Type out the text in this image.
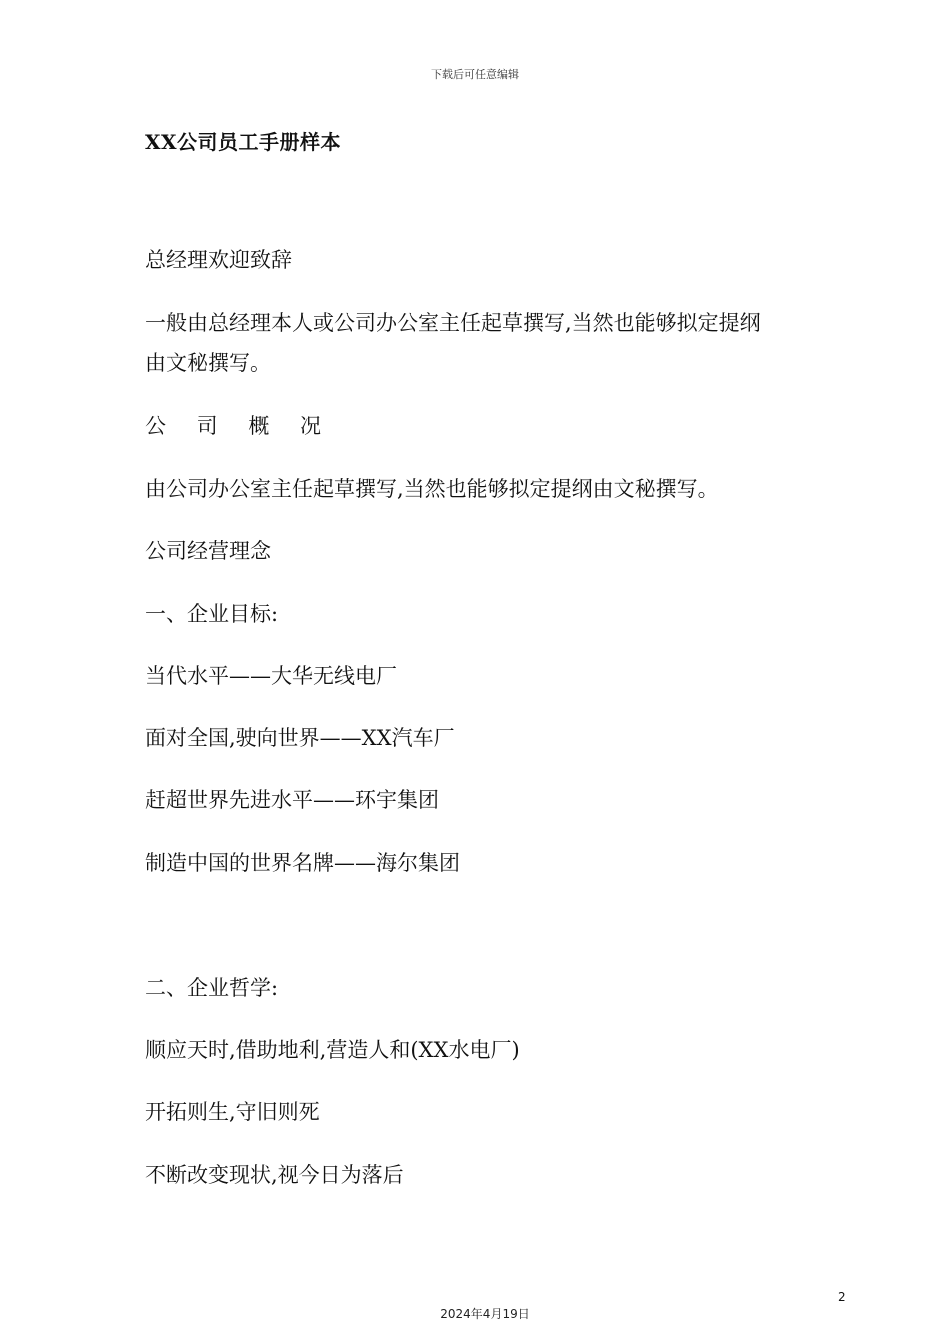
下载后可任意编辑
XX公司员工手册样本
总经理欢迎致辞
一般由总经理本人或公司办公室主任起草撰写,当然也能够拟定提纲
由文秘撰写。
公 司 概 况
由公司办公室主任起草撰写,当然也能够拟定提纲由文秘撰写。
公司经营理念
一、企业目标:
当代水平——大华无线电厂
面对全国,驶向世界——XX汽车厂
赶超世界先进水平——环宇集团
制造中国的世界名牌——海尔集团
二、企业哲学:
顺应天时,借助地利,营造人和(XX水电厂)
开拓则生,守旧则死
不断改变现状,视今日为落后
2
2024年4月19日
